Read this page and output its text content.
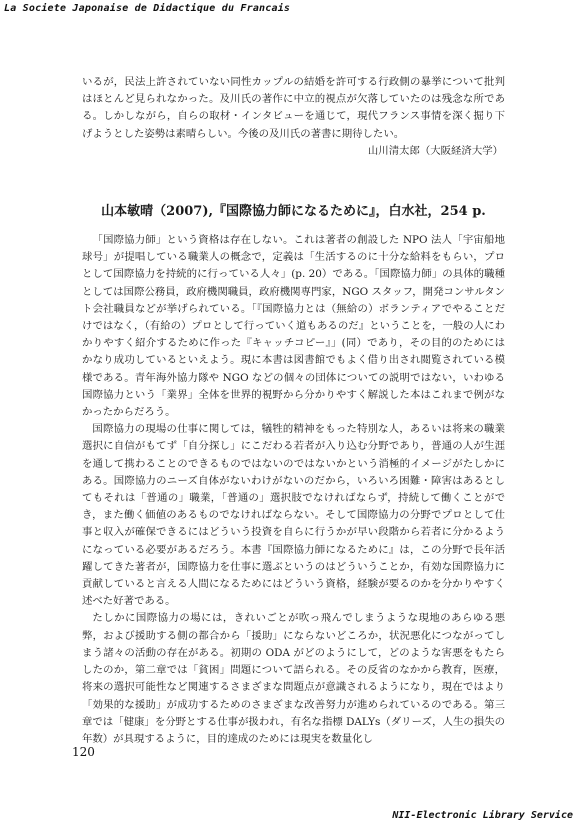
La Societe Japonaise de Didactique du Francais

いるが，民法上許されていない同性カップルの結婚を許可する行政側の暴挙について批判はほとんど見られなかった。及川氏の著作に中立的視点が欠落していたのは残念な所である。しかしながら，自らの取材・インタビューを通じて，現代フランス事情を深く掘り下げようとした姿勢は素晴らしい。今後の及川氏の著書に期待したい。

山川清太郎（大阪経済大学）

山本敏晴（2007),『国際協力師になるために』，白水社，254 p.

「国際協力師」という資格は存在しない。これは著者の創設した NPO 法人「宇宙船地球号」が提唱している職業人の概念で，定義は「生活するのに十分な給料をもらい，プロとして国際協力を持続的に行っている人々」(p. 20）である。「国際協力師」の具体的職種としては国際公務員，政府機関職員，政府機関専門家，NGO スタッフ，開発コンサルタント会社職員などが挙げられている。「『国際協力とは（無給の）ボランティアでやることだけではなく，（有給の）プロとして行っていく道もあるのだ』ということを，一般の人にわかりやすく紹介するために作った『キャッチコピー』」(同）であり，その目的のためにはかなり成功しているといえよう。現に本書は図書館でもよく借り出され閲覧されている模様である。青年海外協力隊や NGO などの個々の団体についての説明ではない，いわゆる国際協力という「業界」全体を世界的視野から分かりやすく解説した本はこれまで例がなかったからだろう。

国際協力の現場の仕事に関しては，犠牲的精神をもった特別な人，あるいは将来の職業選択に自信がもてず「自分探し」にこだわる若者が入り込む分野であり，普通の人が生涯を通して携わることのできるものではないのではないかという消極的イメージがたしかにある。国際協力のニーズ自体がないわけがないのだから，いろいろ困難・障害はあるとしてもそれは「普通の」職業，「普通の」選択肢でなければならず，持続して働くことができ，また働く価値のあるものでなければならない。そして国際協力の分野でプロとして仕事と収入が確保できるにはどういう投資を自らに行うかが早い段階から若者に分かるようになっている必要があるだろう。本書『国際協力師になるために』は，この分野で長年活躍してきた著者が，国際協力を仕事に選ぶというのはどういうことか，有効な国際協力に貢献していると言える人間になるためにはどういう資格，経験が要るのかを分かりやすく述べた好著である。

たしかに国際協力の場には，きれいごとが吹っ飛んでしまうような現地のあらゆる悪弊，および援助する側の都合から「援助」にならないどころか，状況悪化につながってしまう諸々の活動の存在がある。初期の ODA がどのようにして，どのような害悪をもたらしたのか，第二章では「貧困」問題について語られる。その反省のなかから教育，医療，将来の選択可能性など関連するさまざまな問題点が意識されるようになり，現在ではより「効果的な援助」が成功するためのさまざまな改善努力が進められているのである。第三章では「健康」を分野とする仕事が扱われ，有名な指標 DALYs（ダリーズ，人生の損失の年数）が具現するように，目的達成のためには現実を数量化し

120
NII-Electronic Library Service
